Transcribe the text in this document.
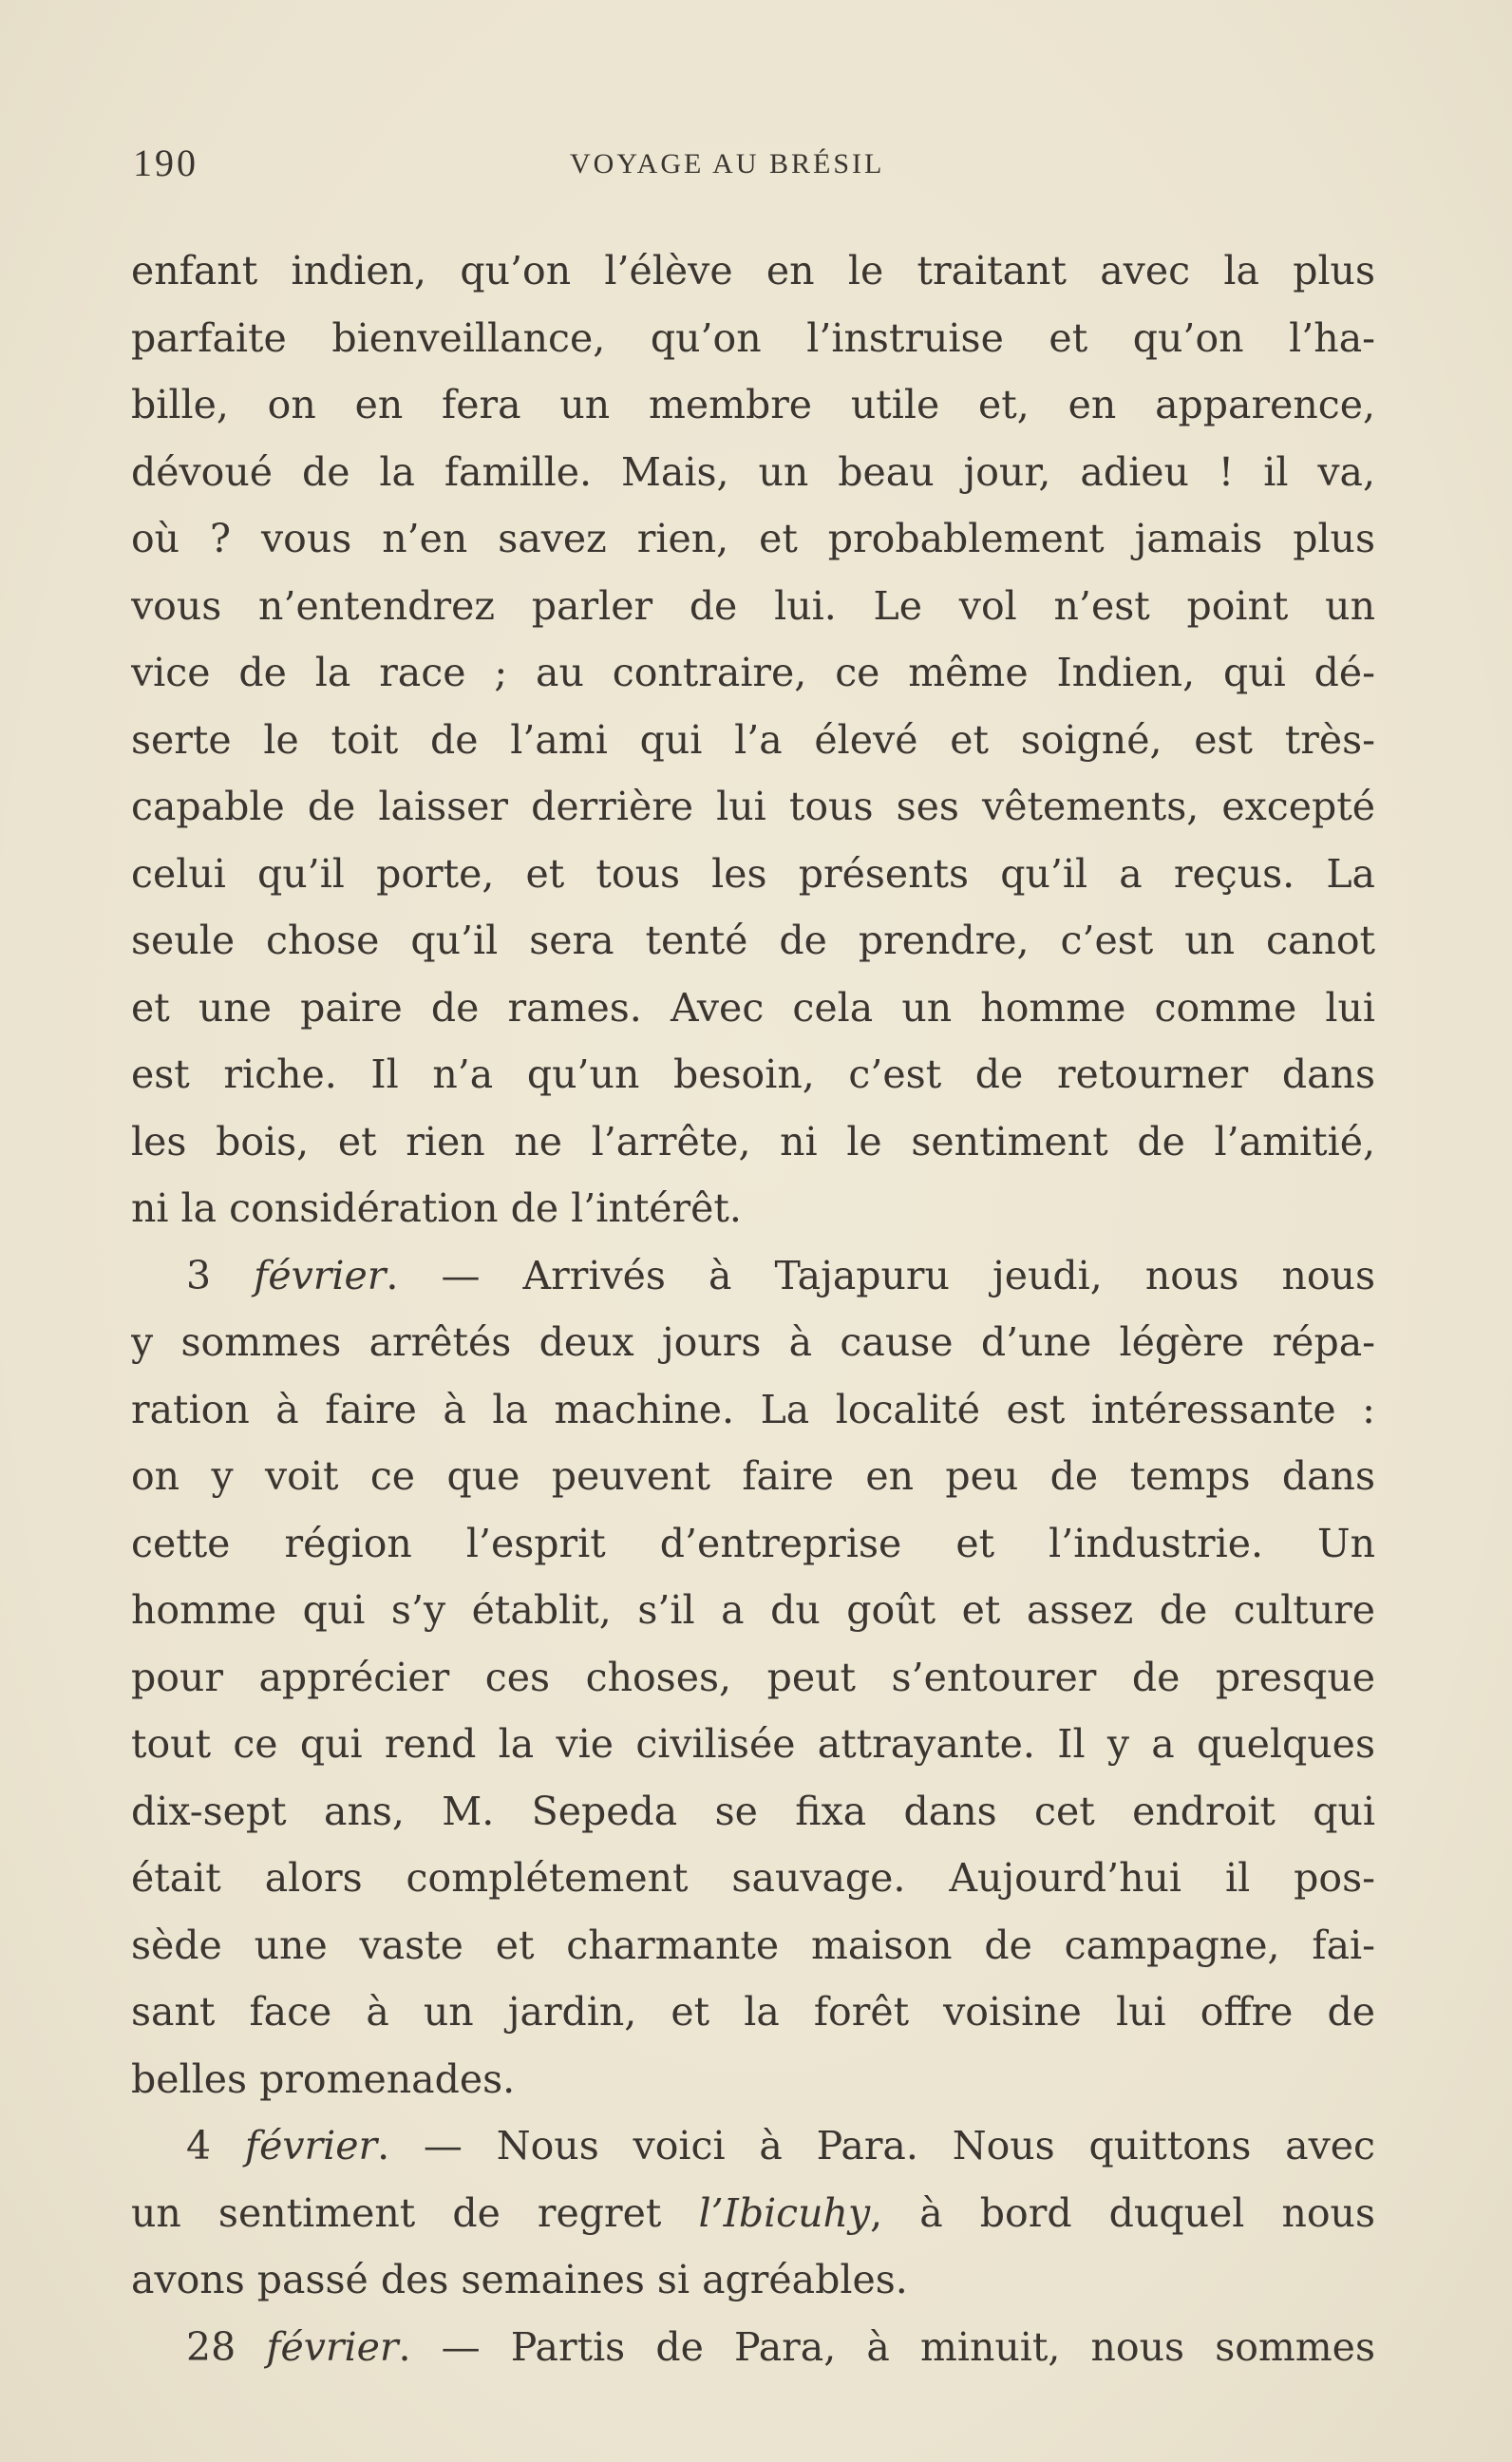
190	VOYAGE AU BRÉSIL
enfant indien, qu’on l’élève en le traitant avec la plus
parfaite bienveillance, qu’on l’instruise et qu’on l’ha-
bille, on en fera un membre utile et, en apparence,
dévoué de la famille. Mais, un beau jour, adieu ! il va,
où ? vous n’en savez rien, et probablement jamais plus
vous n’entendrez parler de lui. Le vol n’est point un
vice de la race ; au contraire, ce même Indien, qui dé-
serte le toit de l’ami qui l’a élevé et soigné, est très-
capable de laisser derrière lui tous ses vêtements, excepté
celui qu’il porte, et tous les présents qu’il a reçus. La
seule chose qu’il sera tenté de prendre, c’est un canot
et une paire de rames. Avec cela un homme comme lui
est riche. Il n’a qu’un besoin, c’est de retourner dans
les bois, et rien ne l’arrête, ni le sentiment de l’amitié,
ni la considération de l’intérêt.
3 février. — Arrivés à Tajapuru jeudi, nous nous
y sommes arrêtés deux jours à cause d’une légère répa-
ration à faire à la machine. La localité est intéressante :
on y voit ce que peuvent faire en peu de temps dans
cette région l’esprit d’entreprise et l’industrie. Un
homme qui s’y établit, s’il a du goût et assez de culture
pour apprécier ces choses, peut s’entourer de presque
tout ce qui rend la vie civilisée attrayante. Il y a quelques
dix-sept ans, M. Sepeda se fixa dans cet endroit qui
était alors complétement sauvage. Aujourd’hui il pos-
sède une vaste et charmante maison de campagne, fai-
sant face à un jardin, et la forêt voisine lui offre de
belles promenades.
4 février. — Nous voici à Para. Nous quittons avec
un sentiment de regret l’Ibicuhy, à bord duquel nous
avons passé des semaines si agréables.
28 février. — Partis de Para, à minuit, nous sommes
